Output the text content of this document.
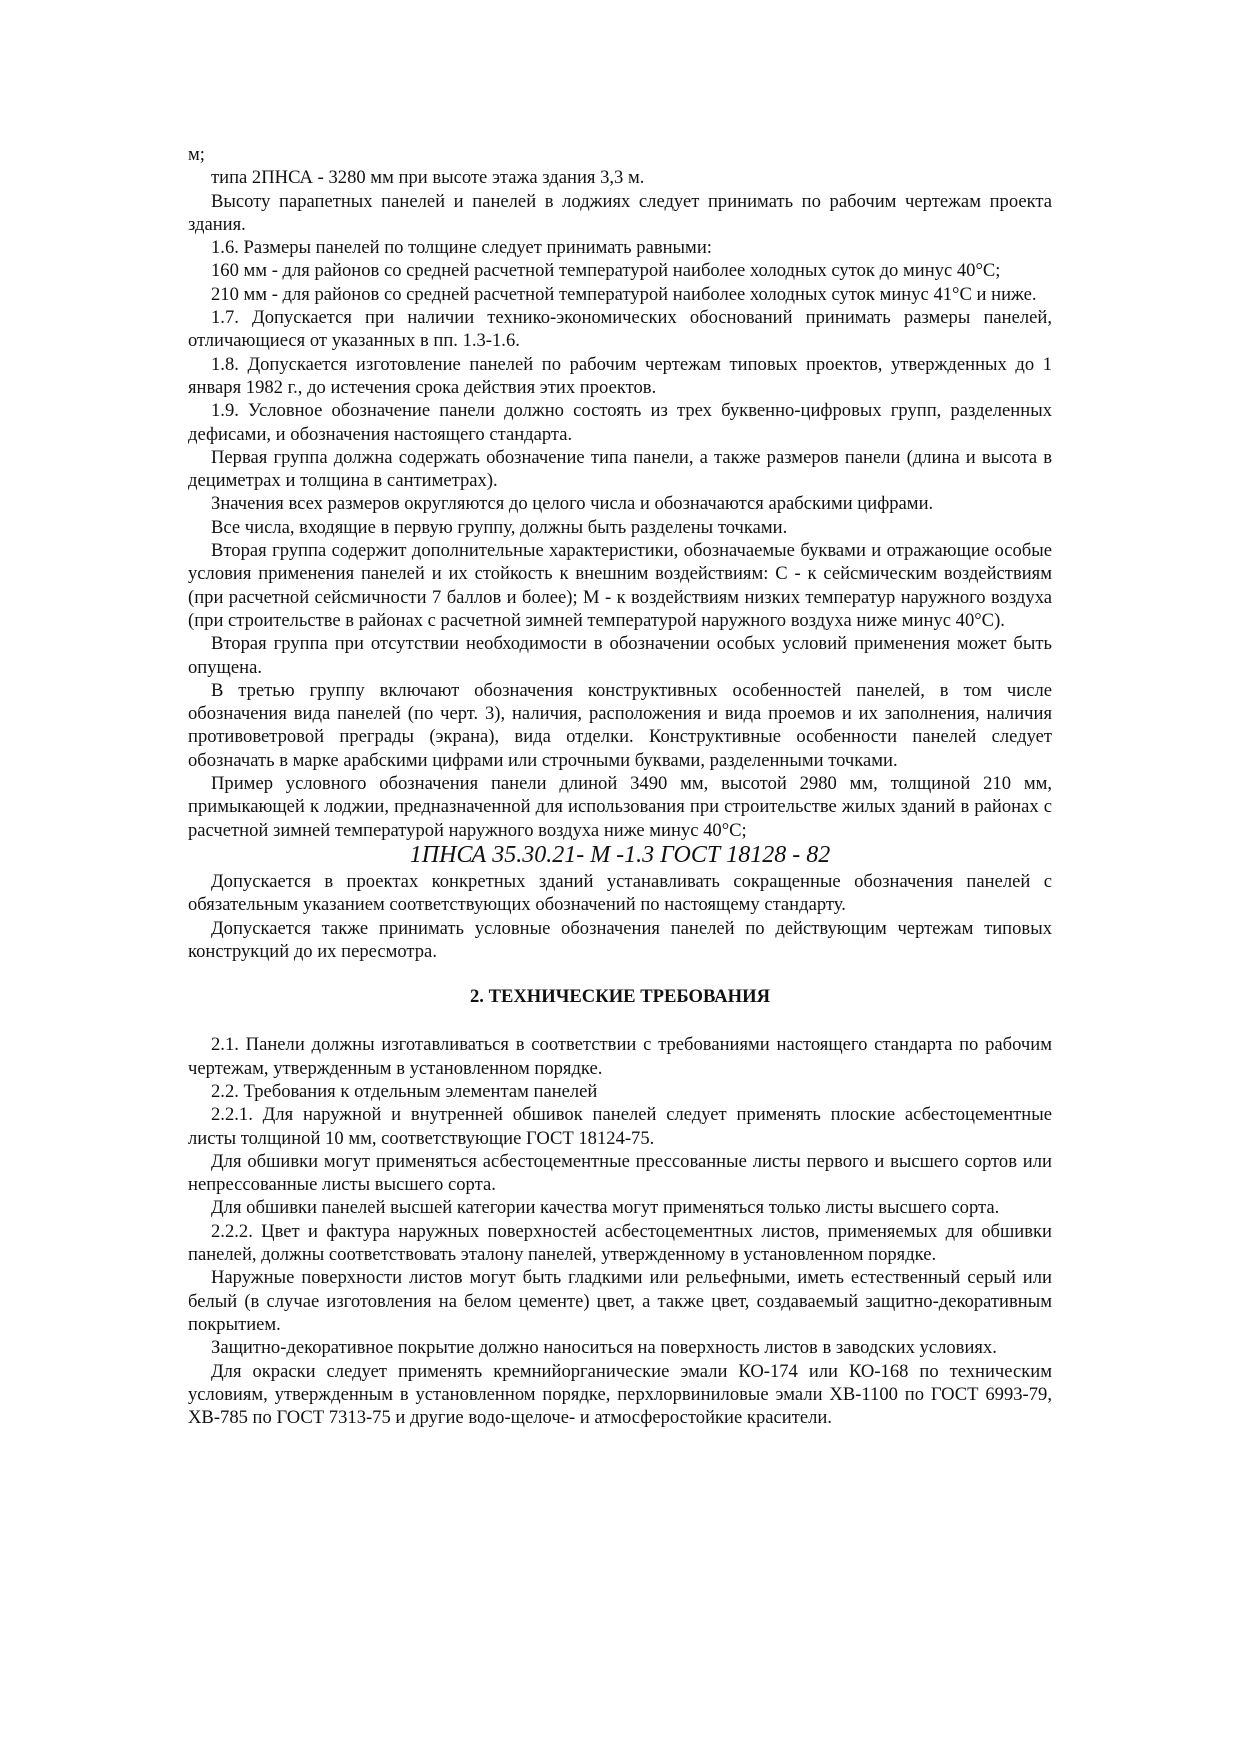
м;

типа 2ПНСА - 3280 мм при высоте этажа здания 3,3 м.

Высоту парапетных панелей и панелей в лоджиях следует принимать по рабочим чертежам проекта здания.

1.6. Размеры панелей по толщине следует принимать равными:

160 мм - для районов со средней расчетной температурой наиболее холодных суток до минус 40°С;

210 мм - для районов со средней расчетной температурой наиболее холодных суток минус 41°С и ниже.

1.7. Допускается при наличии технико-экономических обоснований принимать размеры панелей, отличающиеся от указанных в пп. 1.3-1.6.

1.8. Допускается изготовление панелей по рабочим чертежам типовых проектов, утвержденных до 1 января 1982 г., до истечения срока действия этих проектов.

1.9. Условное обозначение панели должно состоять из трех буквенно-цифровых групп, разделенных дефисами, и обозначения настоящего стандарта.

Первая группа должна содержать обозначение типа панели, а также размеров панели (длина и высота в дециметрах и толщина в сантиметрах).

Значения всех размеров округляются до целого числа и обозначаются арабскими цифрами.

Все числа, входящие в первую группу, должны быть разделены точками.

Вторая группа содержит дополнительные характеристики, обозначаемые буквами и отражающие особые условия применения панелей и их стойкость к внешним воздействиям: С - к сейсмическим воздействиям (при расчетной сейсмичности 7 баллов и более); М - к воздействиям низких температур наружного воздуха (при строительстве в районах с расчетной зимней температурой наружного воздуха ниже минус 40°С).

Вторая группа при отсутствии необходимости в обозначении особых условий применения может быть опущена.

В третью группу включают обозначения конструктивных особенностей панелей, в том числе обозначения вида панелей (по черт. 3), наличия, расположения и вида проемов и их заполнения, наличия противоветровой преграды (экрана), вида отделки. Конструктивные особенности панелей следует обозначать в марке арабскими цифрами или строчными буквами, разделенными точками.

Пример условного обозначения панели длиной 3490 мм, высотой 2980 мм, толщиной 210 мм, примыкающей к лоджии, предназначенной для использования при строительстве жилых зданий в районах с расчетной зимней температурой наружного воздуха ниже минус 40°С;

1ПНСА 35.30.21- М -1.3 ГОСТ 18128 - 82

Допускается в проектах конкретных зданий устанавливать сокращенные обозначения панелей с обязательным указанием соответствующих обозначений по настоящему стандарту.

Допускается также принимать условные обозначения панелей по действующим чертежам типовых конструкций до их пересмотра.

2. ТЕХНИЧЕСКИЕ ТРЕБОВАНИЯ

2.1. Панели должны изготавливаться в соответствии с требованиями настоящего стандарта по рабочим чертежам, утвержденным в установленном порядке.

2.2. Требования к отдельным элементам панелей

2.2.1. Для наружной и внутренней обшивок панелей следует применять плоские асбестоцементные листы толщиной 10 мм, соответствующие ГОСТ 18124-75.

Для обшивки могут применяться асбестоцементные прессованные листы первого и высшего сортов или непрессованные листы высшего сорта.

Для обшивки панелей высшей категории качества могут применяться только листы высшего сорта.

2.2.2. Цвет и фактура наружных поверхностей асбестоцементных листов, применяемых для обшивки панелей, должны соответствовать эталону панелей, утвержденному в установленном порядке.

Наружные поверхности листов могут быть гладкими или рельефными, иметь естественный серый или белый (в случае изготовления на белом цементе) цвет, а также цвет, создаваемый защитно-декоративным покрытием.

Защитно-декоративное покрытие должно наноситься на поверхность листов в заводских условиях.

Для окраски следует применять кремнийорганические эмали КО-174 или КО-168 по техническим условиям, утвержденным в установленном порядке, перхлорвиниловые эмали ХВ-1100 по ГОСТ 6993-79, ХВ-785 по ГОСТ 7313-75 и другие водо-щелоче- и атмосферостойкие красители.
